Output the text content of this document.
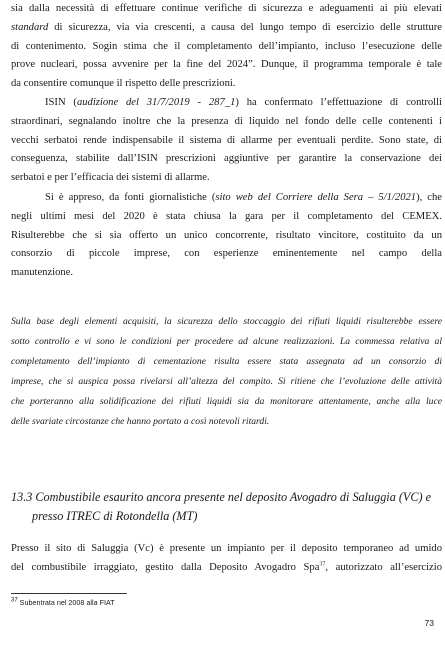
sia dalla necessità di effettuare continue verifiche di sicurezza e adeguamenti ai più elevati
standard di sicurezza, via via crescenti, a causa del lungo tempo di esercizio delle strutture
di contenimento. Sogin stima che il completamento dell’impianto, incluso l’esecuzione delle
prove nucleari, possa avvenire per la fine del 2024”. Dunque, il programma temporale è tale
da consentire comunque il rispetto delle prescrizioni.
ISIN (audizione del 31/7/2019 - 287_1) ha confermato l’effettuazione di controlli
straordinari, segnalando inoltre che la presenza di liquido nel fondo delle celle contenenti i
vecchi serbatoi rende indispensabile il sistema di allarme per eventuali perdite. Sono state, di
conseguenza, stabilite dall’ISIN prescrizioni aggiuntive per garantire la conservazione dei
serbatoi e per l’efficacia dei sistemi di allarme.
Si è appreso, da fonti giornalistiche (sito web del Corriere della Sera – 5/1/2021), che
negli ultimi mesi del 2020 è stata chiusa la gara per il completamento del CEMEX.
Risulterebbe che si sia offerto un unico concorrente, risultato vincitore, costituito da un
consorzio di piccole imprese, con esperienze eminentemente nel campo della
manutenzione.
Sulla base degli elementi acquisiti, la sicurezza dello stoccaggio dei rifiuti liquidi risulterebbe essere
sotto controllo e vi sono le condizioni per procedere ad alcune realizzazioni. La commessa relativa al
completamento dell’impianto di cementazione risulta essere stata assegnata ad un consorzio di
imprese, che si auspica possa rivelarsi all’altezza del compito. Si ritiene che l’evoluzione delle attività
che porteranno alla solidificazione dei rifiuti liquidi sia da monitorare attentamente, anche alla luce
delle svariate circostanze che hanno portato a così notevoli ritardi.
13.3 Combustibile esaurito ancora presente nel deposito Avogadro di Saluggia (VC) e
presso ITREC di Rotondella (MT)
Presso il sito di Saluggia (Vc) è presente un impianto per il deposito temporaneo ad umido
del combustibile irraggiato, gestito dalla Deposito Avogadro Spa$^{37}$, autorizzato all’esercizio
$^{37}$ Subentrata nel 2008 alla FIAT
73
